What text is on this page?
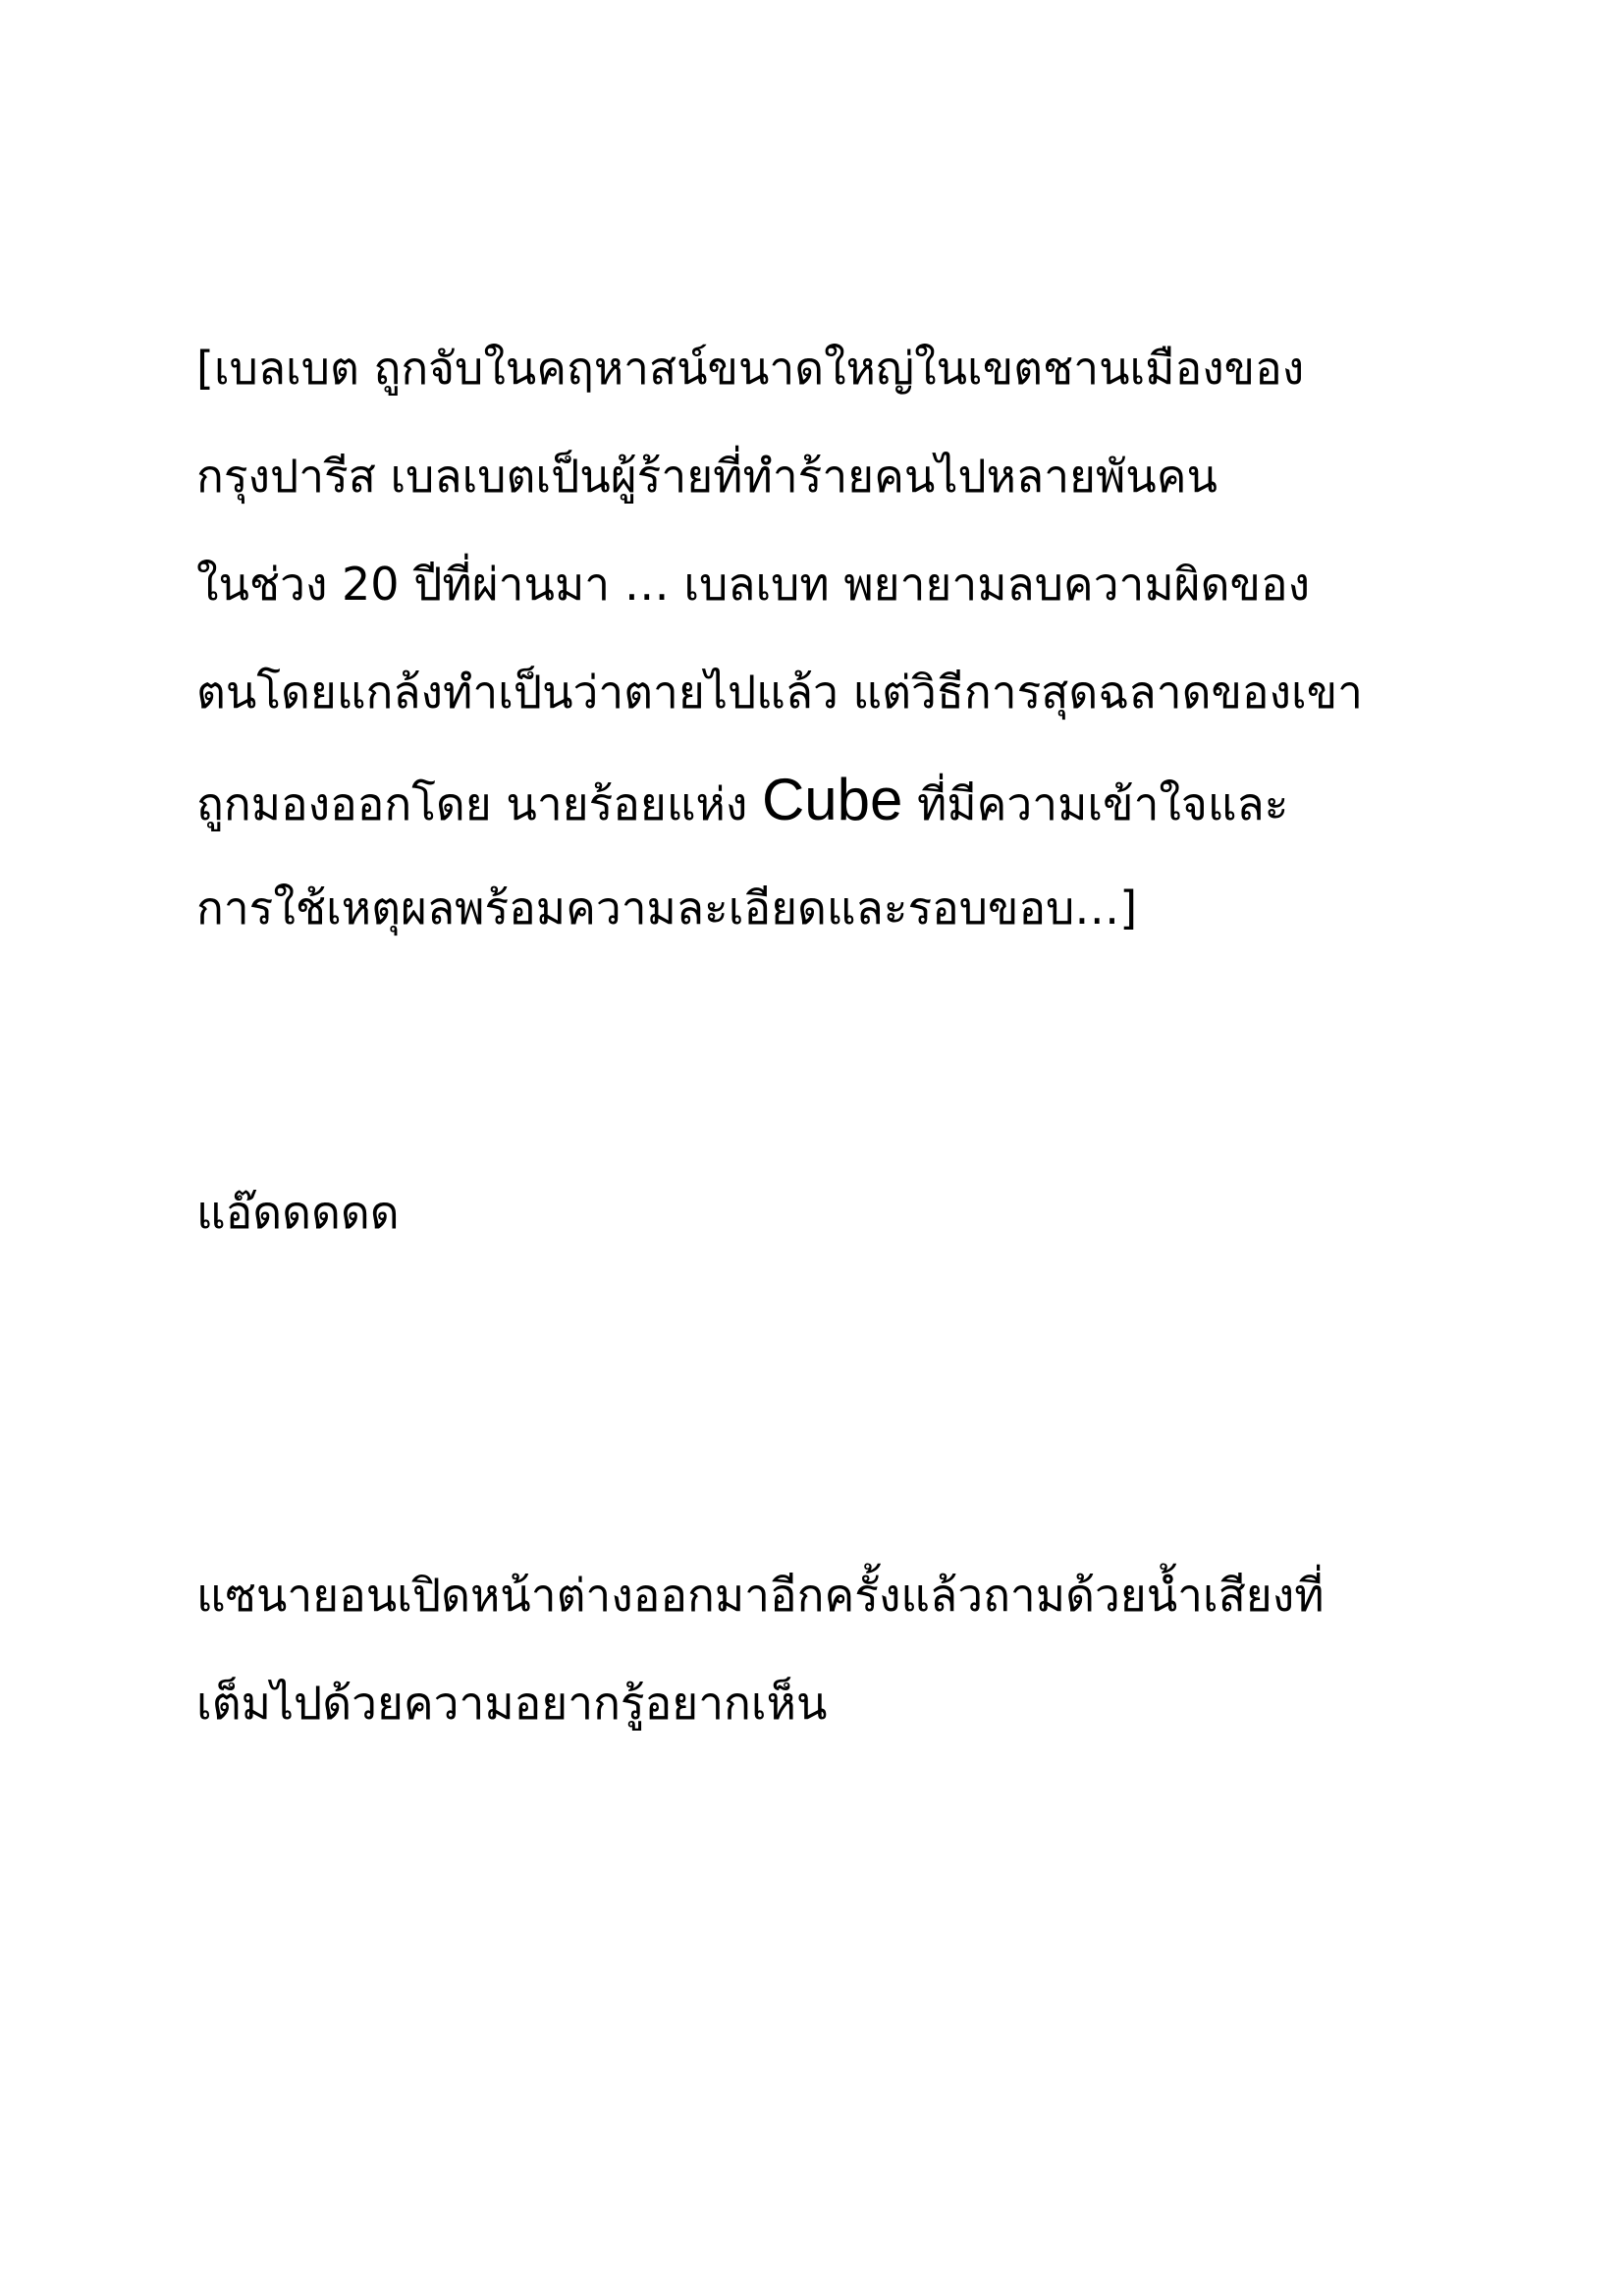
[เบลเบต ถูกจับในคฤหาสน์ขนาดใหญ่ในเขตชานเมืองของ
กรุงปารีส เบลเบตเป็นผู้ร้ายที่ทำร้ายคนไปหลายพันคน
ในช่วง 20 ปีที่ผ่านมา … เบลเบท พยายามลบความผิดของ
ตนโดยแกล้งทำเป็นว่าตายไปแล้ว แต่วิธีการสุดฉลาดของเขา
ถูกมองออกโดย นายร้อยแห่ง Cube ที่มีความเข้าใจและ
การใช้เหตุผลพร้อมความละเอียดและรอบขอบ…]
แอ๊ดดดดด
แซนายอนเปิดหน้าต่างออกมาอีกครั้งแล้วถามด้วยน้ำเสียงที่
เต็มไปด้วยความอยากรู้อยากเห็น
